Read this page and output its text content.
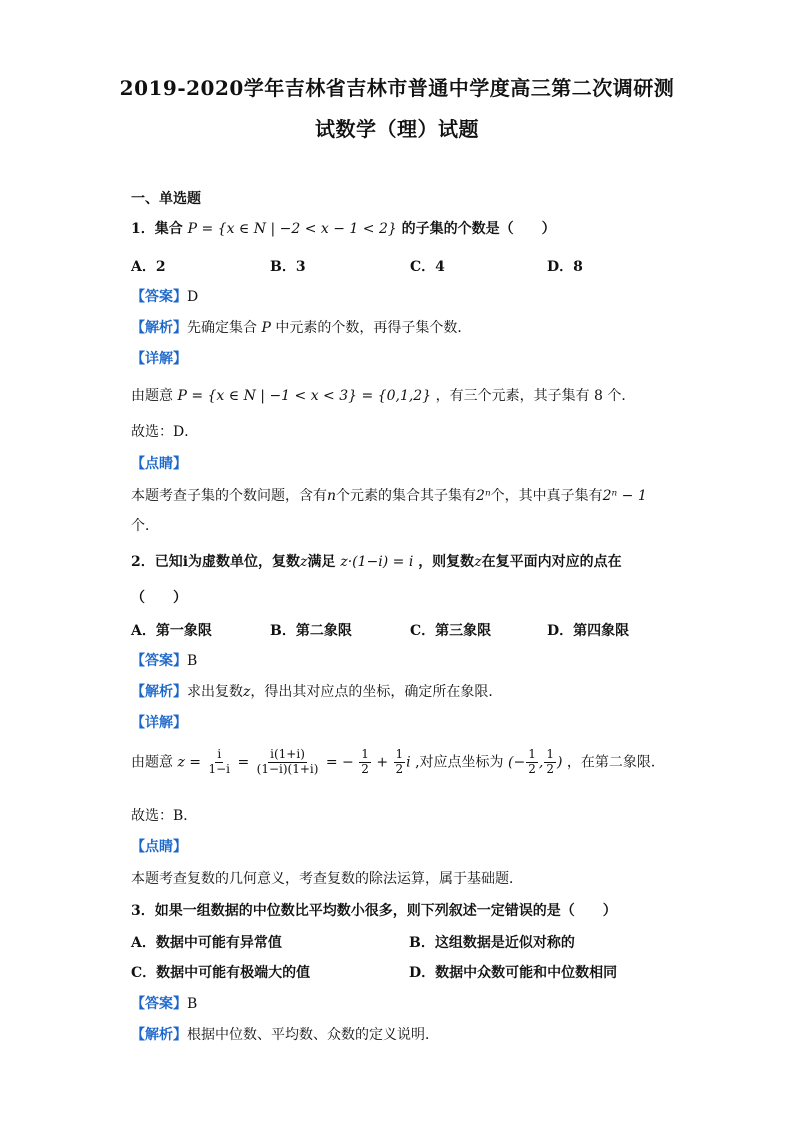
2019-2020学年吉林省吉林市普通中学度高三第二次调研测
试数学（理）试题
一、单选题
1．集合 P = {x ∈ N | −2 < x − 1 < 2} 的子集的个数是（　　）
A．2	B．3	C．4	D．8
【答案】D
【解析】先确定集合 P 中元素的个数，再得子集个数．
【详解】
由题意 P = {x ∈ N | −1 < x < 3} = {0,1,2} ，有三个元素，其子集有 8 个．
故选：D．
【点睛】
本题考查子集的个数问题，含有n个元素的集合其子集有2ⁿ个，其中真子集有2ⁿ − 1
个．
2．已知i为虚数单位，复数z满足 z·(1−i) = i ，则复数z在复平面内对应的点在
（　　）
A．第一象限	B．第二象限	C．第三象限	D．第四象限
【答案】B
【解析】求出复数z，得出其对应点的坐标，确定所在象限．
【详解】
由题意 $z = \frac{i}{1-i} = \frac{i(1+i)}{(1-i)(1+i)}$ = − $\frac{1}{2} + \frac{1}{2}$ i ,对应点坐标为 (− $\frac{1}{2}$ , $\frac{1}{2}$ ) ，在第二象限．
故选：B．
【点睛】
本题考查复数的几何意义，考查复数的除法运算，属于基础题．
3．如果一组数据的中位数比平均数小很多，则下列叙述一定错误的是（　　）
A．数据中可能有异常值	B．这组数据是近似对称的
C．数据中可能有极端大的值	D．数据中众数可能和中位数相同
【答案】B
【解析】根据中位数、平均数、众数的定义说明．
